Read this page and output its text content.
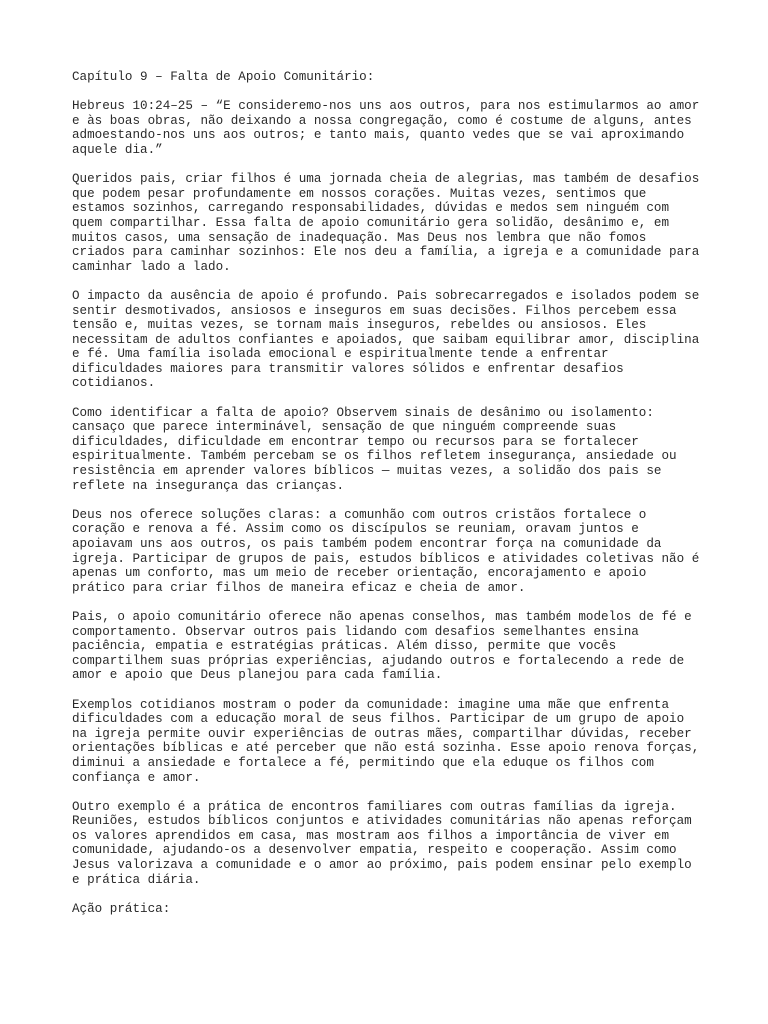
Capítulo 9 – Falta de Apoio Comunitário:

Hebreus 10:24–25 – “E consideremo-nos uns aos outros, para nos estimularmos ao amor
e às boas obras, não deixando a nossa congregação, como é costume de alguns, antes
admoestando-nos uns aos outros; e tanto mais, quanto vedes que se vai aproximando
aquele dia.”

Queridos pais, criar filhos é uma jornada cheia de alegrias, mas também de desafios
que podem pesar profundamente em nossos corações. Muitas vezes, sentimos que
estamos sozinhos, carregando responsabilidades, dúvidas e medos sem ninguém com
quem compartilhar. Essa falta de apoio comunitário gera solidão, desânimo e, em
muitos casos, uma sensação de inadequação. Mas Deus nos lembra que não fomos
criados para caminhar sozinhos: Ele nos deu a família, a igreja e a comunidade para
caminhar lado a lado.

O impacto da ausência de apoio é profundo. Pais sobrecarregados e isolados podem se
sentir desmotivados, ansiosos e inseguros em suas decisões. Filhos percebem essa
tensão e, muitas vezes, se tornam mais inseguros, rebeldes ou ansiosos. Eles
necessitam de adultos confiantes e apoiados, que saibam equilibrar amor, disciplina
e fé. Uma família isolada emocional e espiritualmente tende a enfrentar
dificuldades maiores para transmitir valores sólidos e enfrentar desafios
cotidianos.

Como identificar a falta de apoio? Observem sinais de desânimo ou isolamento:
cansaço que parece interminável, sensação de que ninguém compreende suas
dificuldades, dificuldade em encontrar tempo ou recursos para se fortalecer
espiritualmente. Também percebam se os filhos refletem insegurança, ansiedade ou
resistência em aprender valores bíblicos — muitas vezes, a solidão dos pais se
reflete na insegurança das crianças.

Deus nos oferece soluções claras: a comunhão com outros cristãos fortalece o
coração e renova a fé. Assim como os discípulos se reuniam, oravam juntos e
apoiavam uns aos outros, os pais também podem encontrar força na comunidade da
igreja. Participar de grupos de pais, estudos bíblicos e atividades coletivas não é
apenas um conforto, mas um meio de receber orientação, encorajamento e apoio
prático para criar filhos de maneira eficaz e cheia de amor.

Pais, o apoio comunitário oferece não apenas conselhos, mas também modelos de fé e
comportamento. Observar outros pais lidando com desafios semelhantes ensina
paciência, empatia e estratégias práticas. Além disso, permite que vocês
compartilhem suas próprias experiências, ajudando outros e fortalecendo a rede de
amor e apoio que Deus planejou para cada família.

Exemplos cotidianos mostram o poder da comunidade: imagine uma mãe que enfrenta
dificuldades com a educação moral de seus filhos. Participar de um grupo de apoio
na igreja permite ouvir experiências de outras mães, compartilhar dúvidas, receber
orientações bíblicas e até perceber que não está sozinha. Esse apoio renova forças,
diminui a ansiedade e fortalece a fé, permitindo que ela eduque os filhos com
confiança e amor.

Outro exemplo é a prática de encontros familiares com outras famílias da igreja.
Reuniões, estudos bíblicos conjuntos e atividades comunitárias não apenas reforçam
os valores aprendidos em casa, mas mostram aos filhos a importância de viver em
comunidade, ajudando-os a desenvolver empatia, respeito e cooperação. Assim como
Jesus valorizava a comunidade e o amor ao próximo, pais podem ensinar pelo exemplo
e prática diária.

Ação prática:
